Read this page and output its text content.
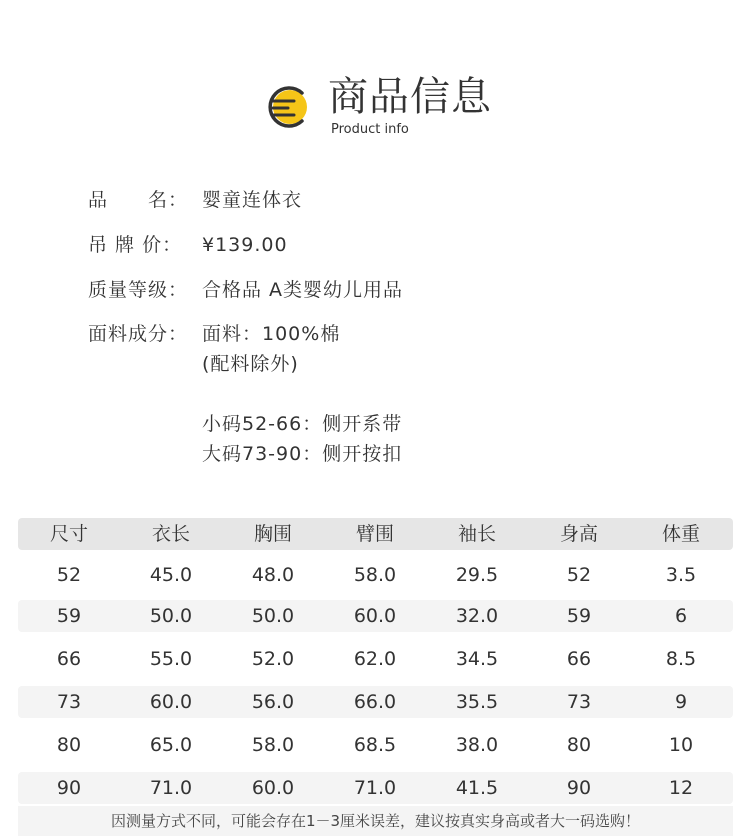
商品信息
Product info
品　　名： 婴童连体衣
吊 牌 价：	¥139.00
质量等级： 合格品 A类婴幼儿用品
面料成分： 面料：100%棉
(配料除外)
小码52-66：侧开系带
大码73-90：侧开按扣
尺寸	衣长	胸围	臂围	袖长	身高	体重
52	45.0	48.0	58.0	29.5	52	3.5
59	50.0	50.0	60.0	32.0	59	6
66	55.0	52.0	62.0	34.5	66	8.5
73	60.0	56.0	66.0	35.5	73	9
80	65.0	58.0	68.5	38.0	80	10
90	71.0	60.0	71.0	41.5	90	12
因测量方式不同，可能会存在1－3厘米误差，建议按真实身高或者大一码选购！
